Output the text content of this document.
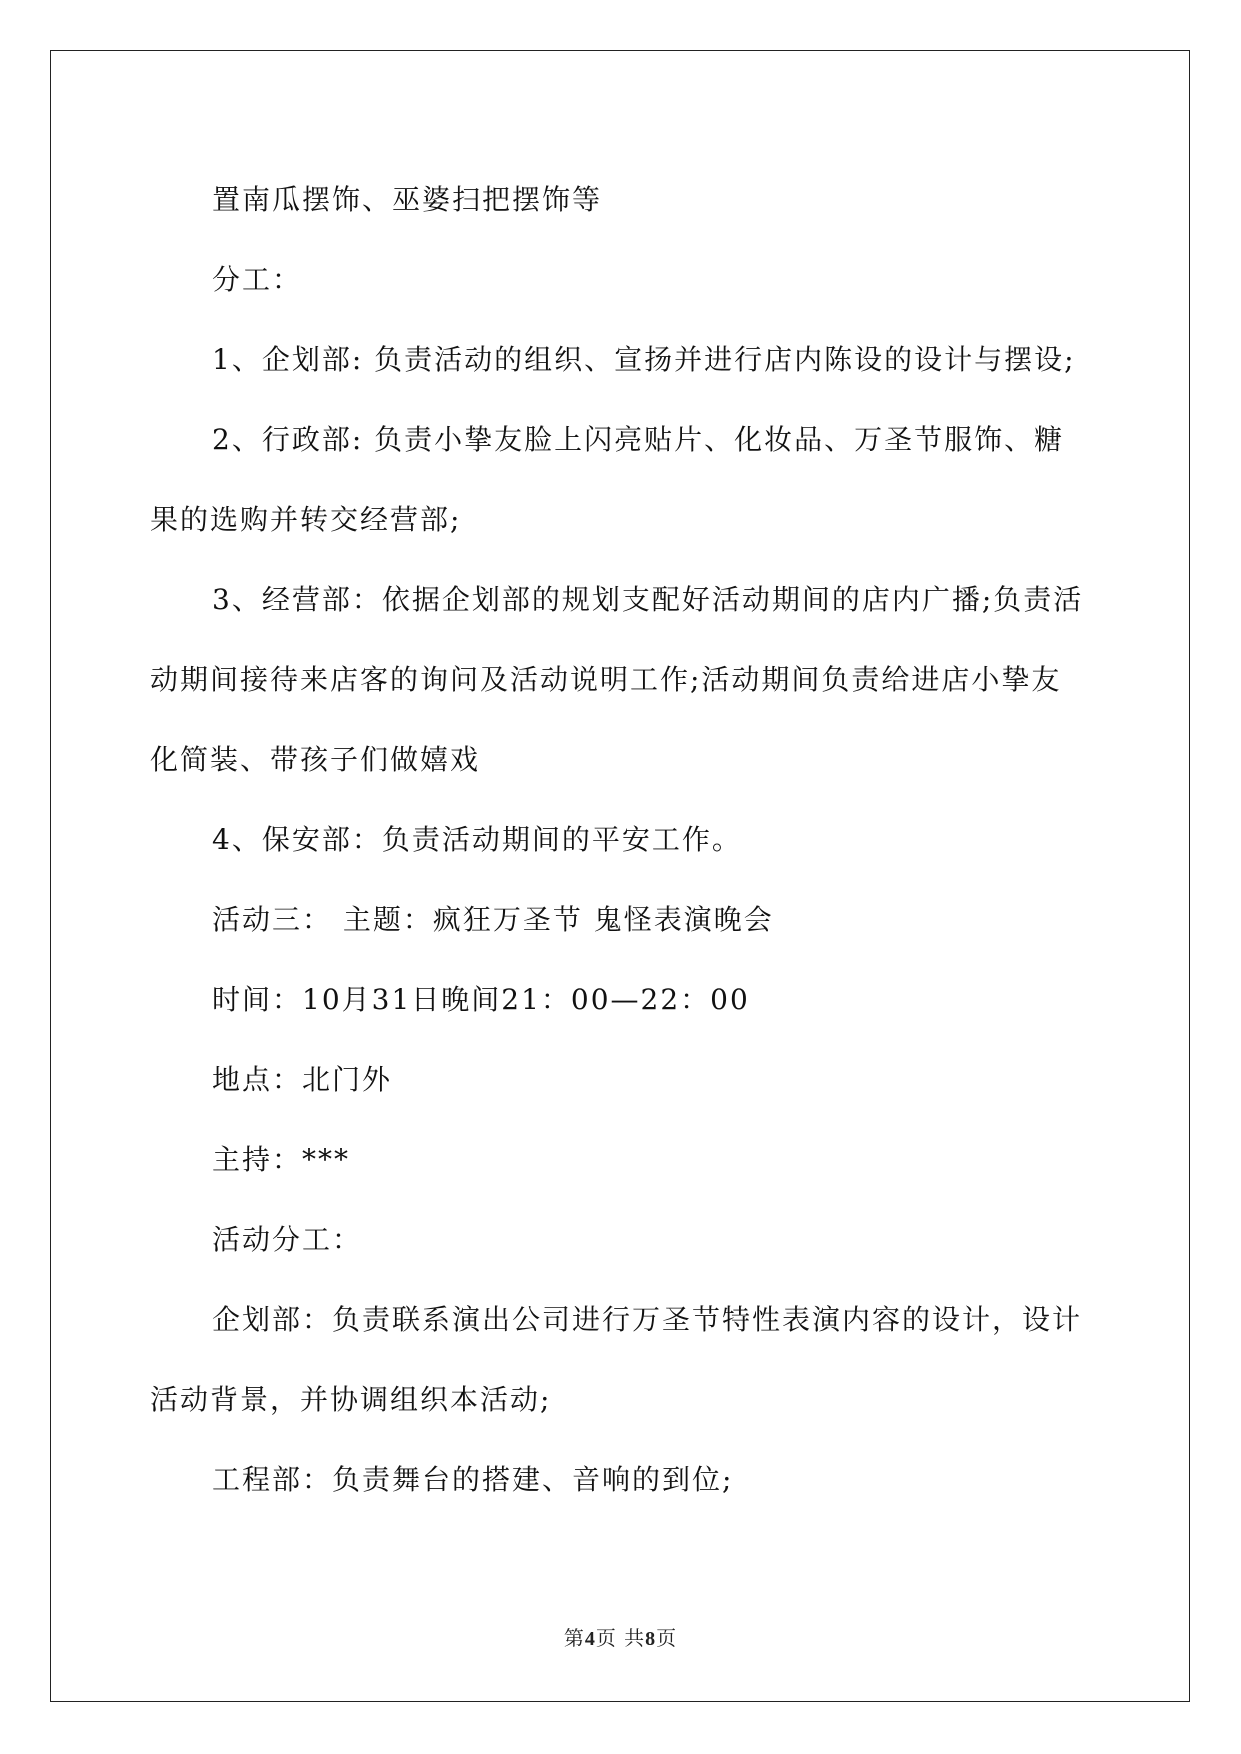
置南瓜摆饰、巫婆扫把摆饰等

分工：

1、企划部: 负责活动的组织、宣扬并进行店内陈设的设计与摆设;

2、行政部: 负责小挚友脸上闪亮贴片、化妆品、万圣节服饰、糖果的选购并转交经营部;

3、经营部：依据企划部的规划支配好活动期间的店内广播;负责活动期间接待来店客的询问及活动说明工作;活动期间负责给进店小挚友化简装、带孩子们做嬉戏

4、保安部：负责活动期间的平安工作。

活动三： 主题：疯狂万圣节 鬼怪表演晚会

时间：10月31日晚间21：00—22：00

地点：北门外

主持：***

活动分工：

企划部：负责联系演出公司进行万圣节特性表演内容的设计，设计活动背景，并协调组织本活动;

工程部：负责舞台的搭建、音响的到位;

第4页 共8页
